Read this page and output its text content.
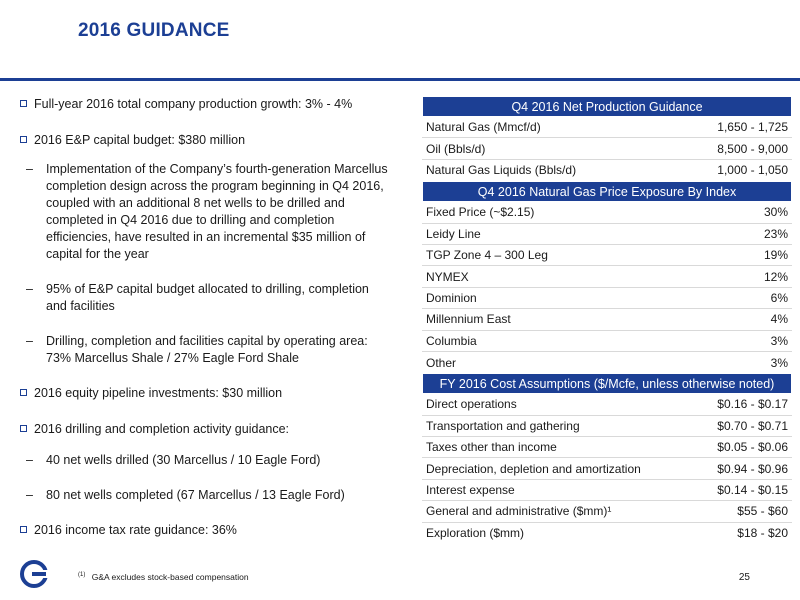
2016 GUIDANCE
Full-year 2016 total company production growth: 3% - 4%
2016 E&P capital budget: $380 million
– Implementation of the Company’s fourth-generation Marcellus completion design across the program beginning in Q4 2016, coupled with an additional 8 net wells to be drilled and completed in Q4 2016 due to drilling and completion efficiencies, have resulted in an incremental $35 million of capital for the year
– 95% of E&P capital budget allocated to drilling, completion and facilities
– Drilling, completion and facilities capital by operating area: 73% Marcellus Shale / 27% Eagle Ford Shale
2016 equity pipeline investments: $30 million
2016 drilling and completion activity guidance:
– 40 net wells drilled (30 Marcellus / 10 Eagle Ford)
– 80 net wells completed (67 Marcellus / 13 Eagle Ford)
2016 income tax rate guidance: 36%
Q4 2016 Net Production Guidance
Natural Gas (Mmcf/d)	1,650 - 1,725
Oil (Bbls/d)	8,500 - 9,000
Natural Gas Liquids (Bbls/d)	1,000 - 1,050
Q4 2016 Natural Gas Price Exposure By Index
Fixed Price (~$2.15)	30%
Leidy Line	23%
TGP Zone 4 – 300 Leg	19%
NYMEX	12%
Dominion	6%
Millennium East	4%
Columbia	3%
Other	3%
FY 2016 Cost Assumptions ($/Mcfe, unless otherwise noted)
Direct operations	$0.16 - $0.17
Transportation and gathering	$0.70 - $0.71
Taxes other than income	$0.05 - $0.06
Depreciation, depletion and amortization	$0.94 - $0.96
Interest expense	$0.14 - $0.15
General and administrative ($mm)¹	$55 - $60
Exploration ($mm)	$18 - $20
$^{(1)}$ G&A excludes stock-based compensation	25
